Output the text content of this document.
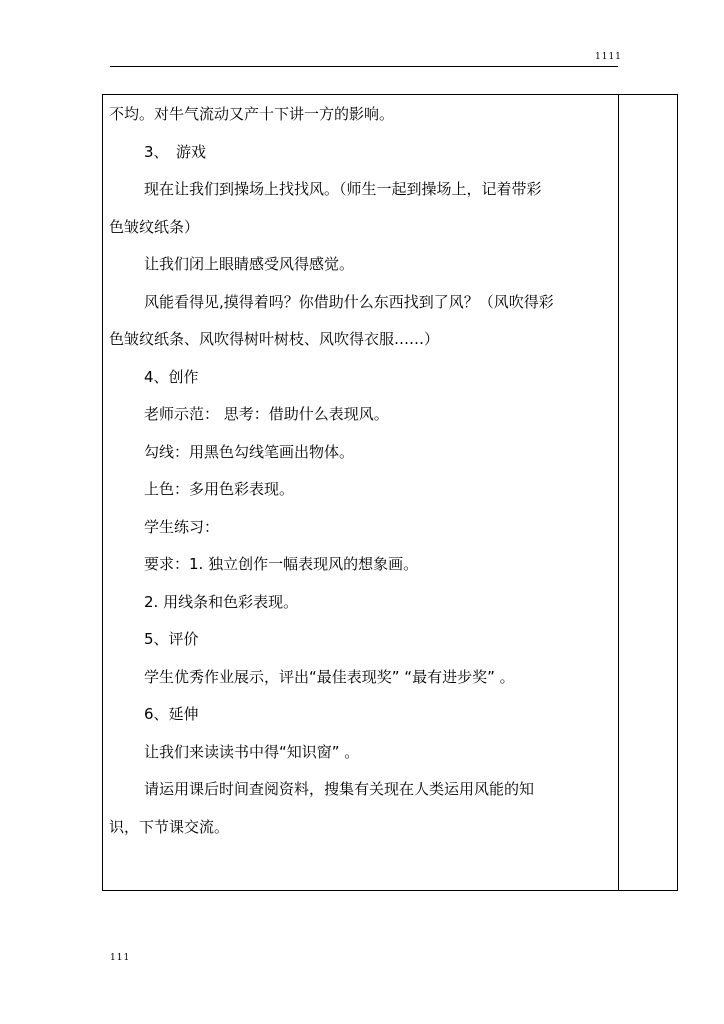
1111
不均。对牛气流动又产十下讲一方的影响。
3、　游戏
现在让我们到操场上找找风。（师生一起到操场上，记着带彩
色皱纹纸条）
让我们闭上眼睛感受风得感觉。
风能看得见,摸得着吗？你借助什么东西找到了风？（风吹得彩
色皱纹纸条、风吹得树叶树枝、风吹得衣服……）
4、创作
老师示范： 思考：借助什么表现风。
勾线：用黑色勾线笔画出物体。
上色：多用色彩表现。
学生练习：
要求：1. 独立创作一幅表现风的想象画。
2. 用线条和色彩表现。
5、评价
学生优秀作业展示，评出“最佳表现奖” “最有进步奖” 。
6、延伸
让我们来读读书中得“知识窗” 。
请运用课后时间查阅资料，搜集有关现在人类运用风能的知
识，下节课交流。
111
